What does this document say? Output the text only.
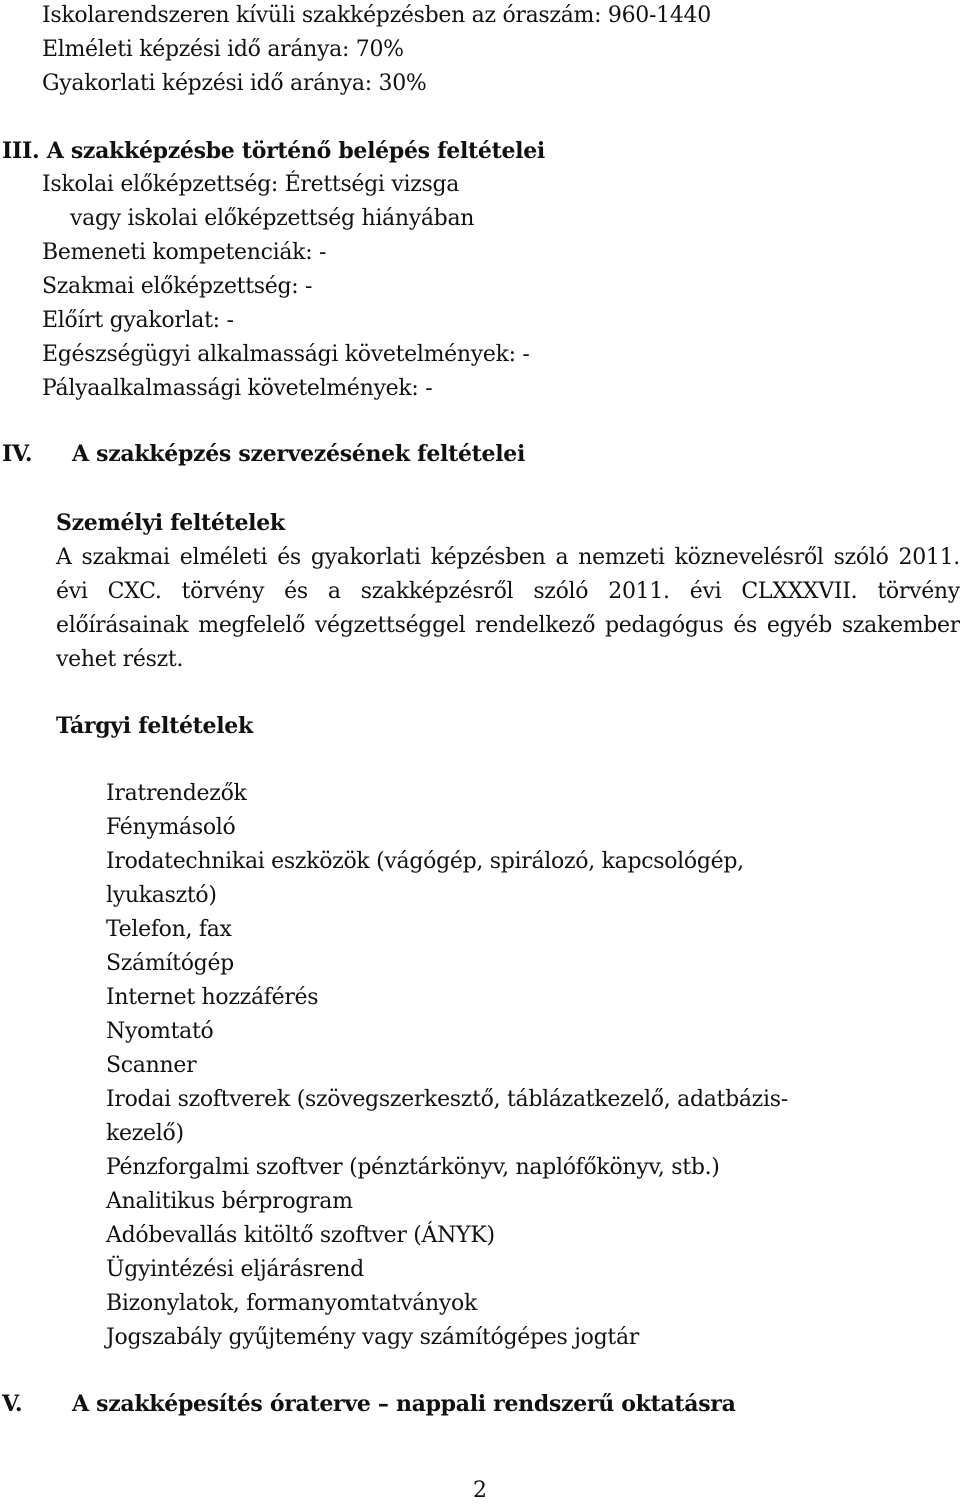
Iskolarendszeren kívüli szakképzésben az óraszám: 960-1440
Elméleti képzési idő aránya: 70%
Gyakorlati képzési idő aránya: 30%
III. A szakképzésbe történő belépés feltételei
Iskolai előképzettség: Érettségi vizsga
vagy iskolai előképzettség hiányában
Bemeneti kompetenciák: -
Szakmai előképzettség: -
Előírt gyakorlat: -
Egészségügyi alkalmassági követelmények: -
Pályaalkalmassági követelmények: -
IV. A szakképzés szervezésének feltételei
Személyi feltételek
A szakmai elméleti és gyakorlati képzésben a nemzeti köznevelésről szóló 2011.
évi CXC. törvény és a szakképzésről szóló 2011. évi CLXXXVII. törvény
előírásainak megfelelő végzettséggel rendelkező pedagógus és egyéb szakember
vehet részt.
Tárgyi feltételek
Iratrendezők
Fénymásoló
Irodatechnikai eszközök (vágógép, spirálozó, kapcsológép,
lyukasztó)
Telefon, fax
Számítógép
Internet hozzáférés
Nyomtató
Scanner
Irodai szoftverek (szövegszerkesztő, táblázatkezelő, adatbázis-
kezelő)
Pénzforgalmi szoftver (pénztárkönyv, naplófőkönyv, stb.)
Analitikus bérprogram
Adóbevallás kitöltő szoftver (ÁNYK)
Ügyintézési eljárásrend
Bizonylatok, formanyomtatványok
Jogszabály gyűjtemény vagy számítógépes jogtár
V. A szakképesítés óraterve – nappali rendszerű oktatásra
2
